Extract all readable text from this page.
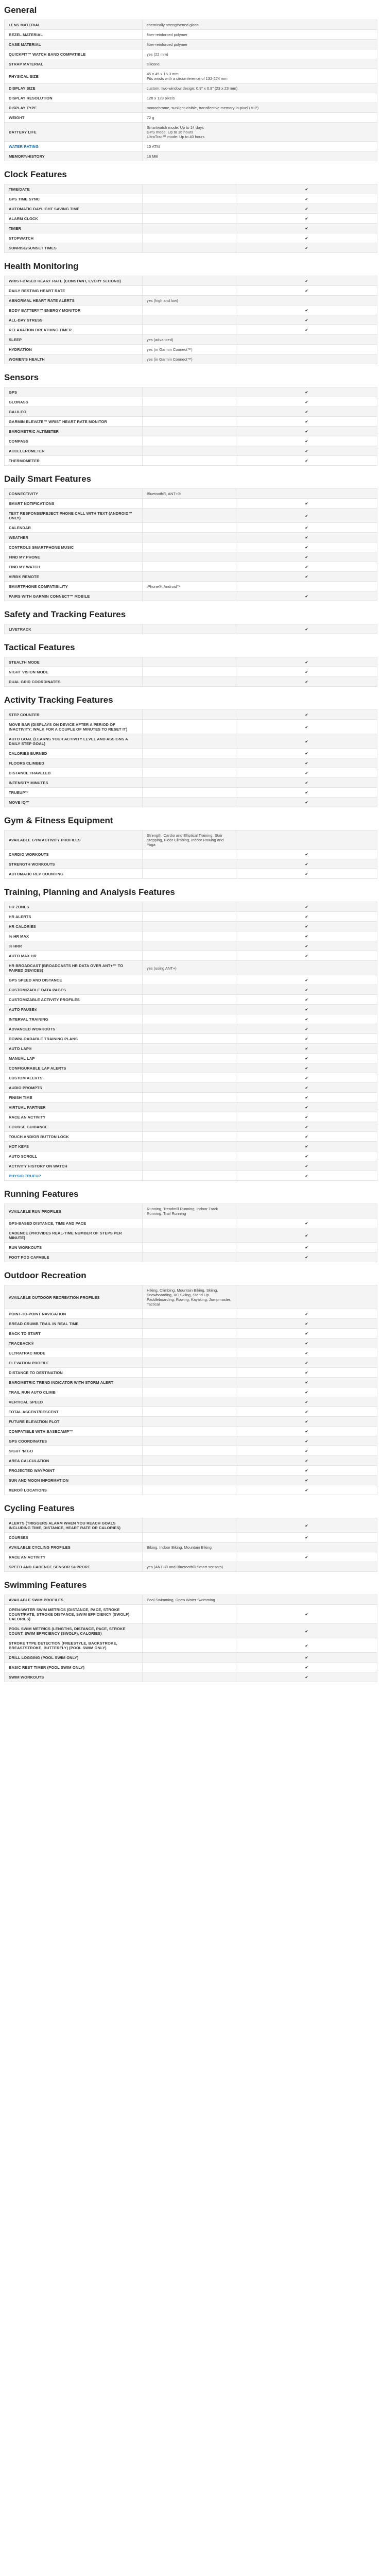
General
LENS MATERIAL	chemically strengthened glass
BEZEL MATERIAL	fiber-reinforced polymer
CASE MATERIAL	fiber-reinforced polymer
QUICKFIT™ WATCH BAND COMPATIBLE	yes (22 mm)
STRAP MATERIAL	silicone
PHYSICAL SIZE	45 x 45 x 15.3 mm
Fits wrists with a circumference of 132-224 mm
DISPLAY SIZE	custom, two-window design; 0.9" x 0.9" (23 x 23 mm)
DISPLAY RESOLUTION	128 x 128 pixels
DISPLAY TYPE	monochrome, sunlight-visible, transflective memory-in-pixel (MIP)
WEIGHT	72 g
BATTERY LIFE	Smartwatch mode: Up to 14 days
GPS mode: Up to 16 hours
UltraTrac™ mode: Up to 40 hours
WATER RATING	10 ATM
MEMORY/HISTORY	16 MB
Clock Features
TIME/DATE		✔
GPS TIME SYNC		✔
AUTOMATIC DAYLIGHT SAVING TIME		✔
ALARM CLOCK		✔
TIMER		✔
STOPWATCH		✔
SUNRISE/SUNSET TIMES		✔
Health Monitoring
WRIST-BASED HEART RATE (CONSTANT, EVERY SECOND)		✔
DAILY RESTING HEART RATE		✔
ABNORMAL HEART RATE ALERTS	yes (high and low)	
BODY BATTERY™ ENERGY MONITOR		✔
ALL-DAY STRESS		✔
RELAXATION BREATHING TIMER		✔
SLEEP	yes (advanced)	
HYDRATION	yes (in Garmin Connect™)	
WOMEN'S HEALTH	yes (in Garmin Connect™)	
Sensors
GPS		✔
GLONASS		✔
GALILEO		✔
GARMIN ELEVATE™ WRIST HEART RATE MONITOR		✔
BAROMETRIC ALTIMETER		✔
COMPASS		✔
ACCELEROMETER		✔
THERMOMETER		✔
Daily Smart Features
CONNECTIVITY	Bluetooth®, ANT+®	
SMART NOTIFICATIONS		✔
TEXT RESPONSE/REJECT PHONE CALL WITH TEXT (ANDROID™ ONLY)		✔
CALENDAR		✔
WEATHER		✔
CONTROLS SMARTPHONE MUSIC		✔
FIND MY PHONE		✔
FIND MY WATCH		✔
VIRB® REMOTE		✔
SMARTPHONE COMPATIBILITY	iPhone®, Android™	
PAIRS WITH GARMIN CONNECT™ MOBILE		✔
Safety and Tracking Features
LIVETRACK		✔
Tactical Features
STEALTH MODE		✔
NIGHT VISION MODE		✔
DUAL GRID COORDINATES		✔
Activity Tracking Features
STEP COUNTER		✔
MOVE BAR (DISPLAYS ON DEVICE AFTER A PERIOD OF INACTIVITY; WALK FOR A COUPLE OF MINUTES TO RESET IT)		✔
AUTO GOAL (LEARNS YOUR ACTIVITY LEVEL AND ASSIGNS A DAILY STEP GOAL)		✔
CALORIES BURNED		✔
FLOORS CLIMBED		✔
DISTANCE TRAVELED		✔
INTENSITY MINUTES		✔
TRUEUP™		✔
MOVE IQ™		✔
Gym & Fitness Equipment
AVAILABLE GYM ACTIVITY PROFILES	Strength, Cardio and Elliptical Training, Stair Stepping, Floor Climbing, Indoor Rowing and Yoga	
CARDIO WORKOUTS		✔
STRENGTH WORKOUTS		✔
AUTOMATIC REP COUNTING		✔
Training, Planning and Analysis Features
HR ZONES		✔
HR ALERTS		✔
HR CALORIES		✔
% HR MAX		✔
% HRR		✔
AUTO MAX HR		✔
HR BROADCAST (BROADCASTS HR DATA OVER ANT+™ TO PAIRED DEVICES)	yes (using ANT+)	
GPS SPEED AND DISTANCE		✔
CUSTOMIZABLE DATA PAGES		✔
CUSTOMIZABLE ACTIVITY PROFILES		✔
AUTO PAUSE®		✔
INTERVAL TRAINING		✔
ADVANCED WORKOUTS		✔
DOWNLOADABLE TRAINING PLANS		✔
AUTO LAP®		✔
MANUAL LAP		✔
CONFIGURABLE LAP ALERTS		✔
CUSTOM ALERTS		✔
AUDIO PROMPTS		✔
FINISH TIME		✔
VIRTUAL PARTNER		✔
RACE AN ACTIVITY		✔
COURSE GUIDANCE		✔
TOUCH AND/OR BUTTON LOCK		✔
HOT KEYS		✔
AUTO SCROLL		✔
ACTIVITY HISTORY ON WATCH		✔
PHYSIO TRUEUP		✔
Running Features
AVAILABLE RUN PROFILES	Running, Treadmill Running, Indoor Track Running, Trail Running	
GPS-BASED DISTANCE, TIME AND PACE		✔
CADENCE (PROVIDES REAL-TIME NUMBER OF STEPS PER MINUTE)		✔
RUN WORKOUTS		✔
FOOT POD CAPABLE		✔
Outdoor Recreation
AVAILABLE OUTDOOR RECREATION PROFILES	Hiking, Climbing, Mountain Biking, Skiing, Snowboarding, XC Skiing, Stand Up Paddleboarding, Rowing, Kayaking, Jumpmaster, Tactical	
POINT-TO-POINT NAVIGATION		✔
BREAD CRUMB TRAIL IN REAL TIME		✔
BACK TO START		✔
TRACBACK®		✔
ULTRATRAC MODE		✔
ELEVATION PROFILE		✔
DISTANCE TO DESTINATION		✔
BAROMETRIC TREND INDICATOR WITH STORM ALERT		✔
TRAIL RUN AUTO CLIMB		✔
VERTICAL SPEED		✔
TOTAL ASCENT/DESCENT		✔
FUTURE ELEVATION PLOT		✔
COMPATIBLE WITH BASECAMP™		✔
GPS COORDINATES		✔
SIGHT 'N GO		✔
AREA CALCULATION		✔
PROJECTED WAYPOINT		✔
SUN AND MOON INFORMATION		✔
XERO® LOCATIONS		✔
Cycling Features
ALERTS (TRIGGERS ALARM WHEN YOU REACH GOALS INCLUDING TIME, DISTANCE, HEART RATE OR CALORIES)		✔
COURSES		✔
AVAILABLE CYCLING PROFILES	Biking, Indoor Biking, Mountain Biking	
RACE AN ACTIVITY		✔
SPEED AND CADENCE SENSOR SUPPORT	yes (ANT+® and Bluetooth® Smart sensors)	
Swimming Features
AVAILABLE SWIM PROFILES	Pool Swimming, Open Water Swimming	
OPEN-WATER SWIM METRICS (DISTANCE, PACE, STROKE COUNT/RATE, STROKE DISTANCE, SWIM EFFICIENCY (SWOLF), CALORIES)		✔
POOL SWIM METRICS (LENGTHS, DISTANCE, PACE, STROKE COUNT, SWIM EFFICIENCY (SWOLF), CALORIES)		✔
STROKE TYPE DETECTION (FREESTYLE, BACKSTROKE, BREASTSTROKE, BUTTERFLY) (POOL SWIM ONLY)		✔
DRILL LOGGING (POOL SWIM ONLY)		✔
BASIC REST TIMER (POOL SWIM ONLY)		✔
SWIM WORKOUTS		✔
